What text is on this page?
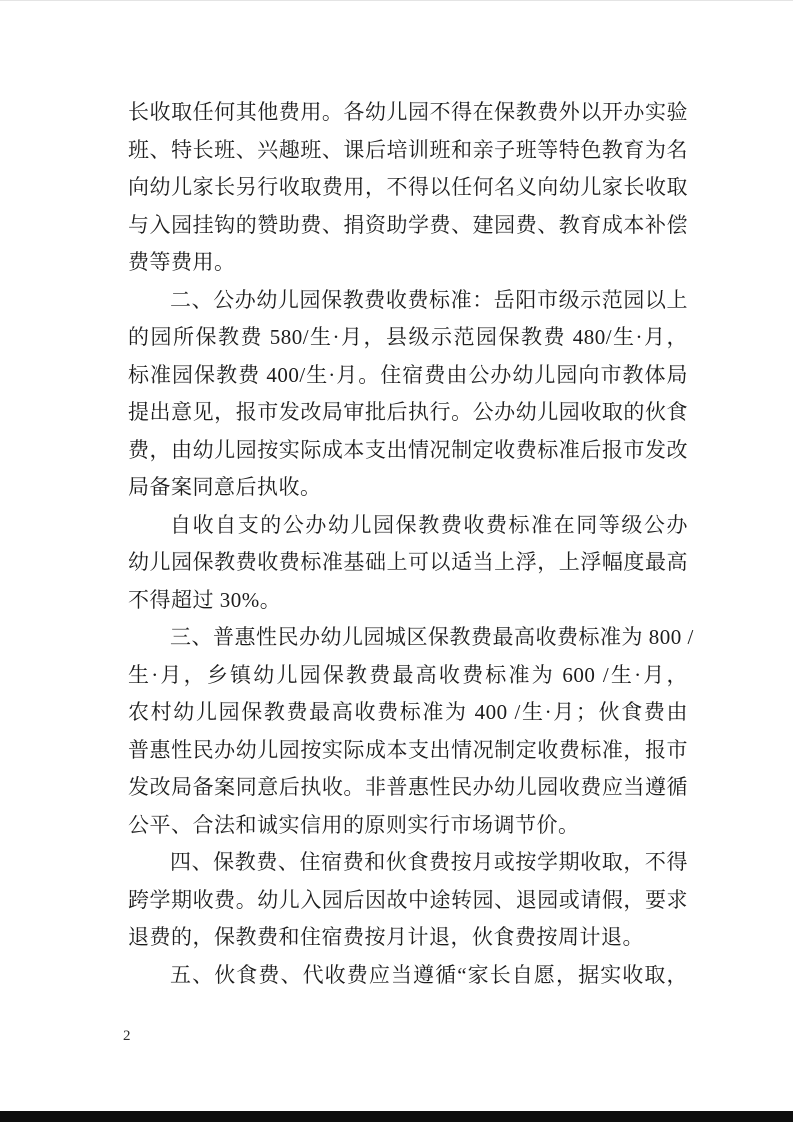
长收取任何其他费用。各幼儿园不得在保教费外以开办实验
班、特长班、兴趣班、课后培训班和亲子班等特色教育为名
向幼儿家长另行收取费用，不得以任何名义向幼儿家长收取
与入园挂钩的赞助费、捐资助学费、建园费、教育成本补偿
费等费用。
二、公办幼儿园保教费收费标准：岳阳市级示范园以上
的园所保教费 580/生·月，县级示范园保教费 480/生·月，
标准园保教费 400/生·月。住宿费由公办幼儿园向市教体局
提出意见，报市发改局审批后执行。公办幼儿园收取的伙食
费，由幼儿园按实际成本支出情况制定收费标准后报市发改
局备案同意后执收。
自收自支的公办幼儿园保教费收费标准在同等级公办
幼儿园保教费收费标准基础上可以适当上浮，上浮幅度最高
不得超过 30%。
三、普惠性民办幼儿园城区保教费最高收费标准为 800 /
生·月，乡镇幼儿园保教费最高收费标准为 600 /生·月，
农村幼儿园保教费最高收费标准为 400 /生·月；伙食费由
普惠性民办幼儿园按实际成本支出情况制定收费标准，报市
发改局备案同意后执收。非普惠性民办幼儿园收费应当遵循
公平、合法和诚实信用的原则实行市场调节价。
四、保教费、住宿费和伙食费按月或按学期收取，不得
跨学期收费。幼儿入园后因故中途转园、退园或请假，要求
退费的，保教费和住宿费按月计退，伙食费按周计退。
五、伙食费、代收费应当遵循“家长自愿，据实收取，
2
